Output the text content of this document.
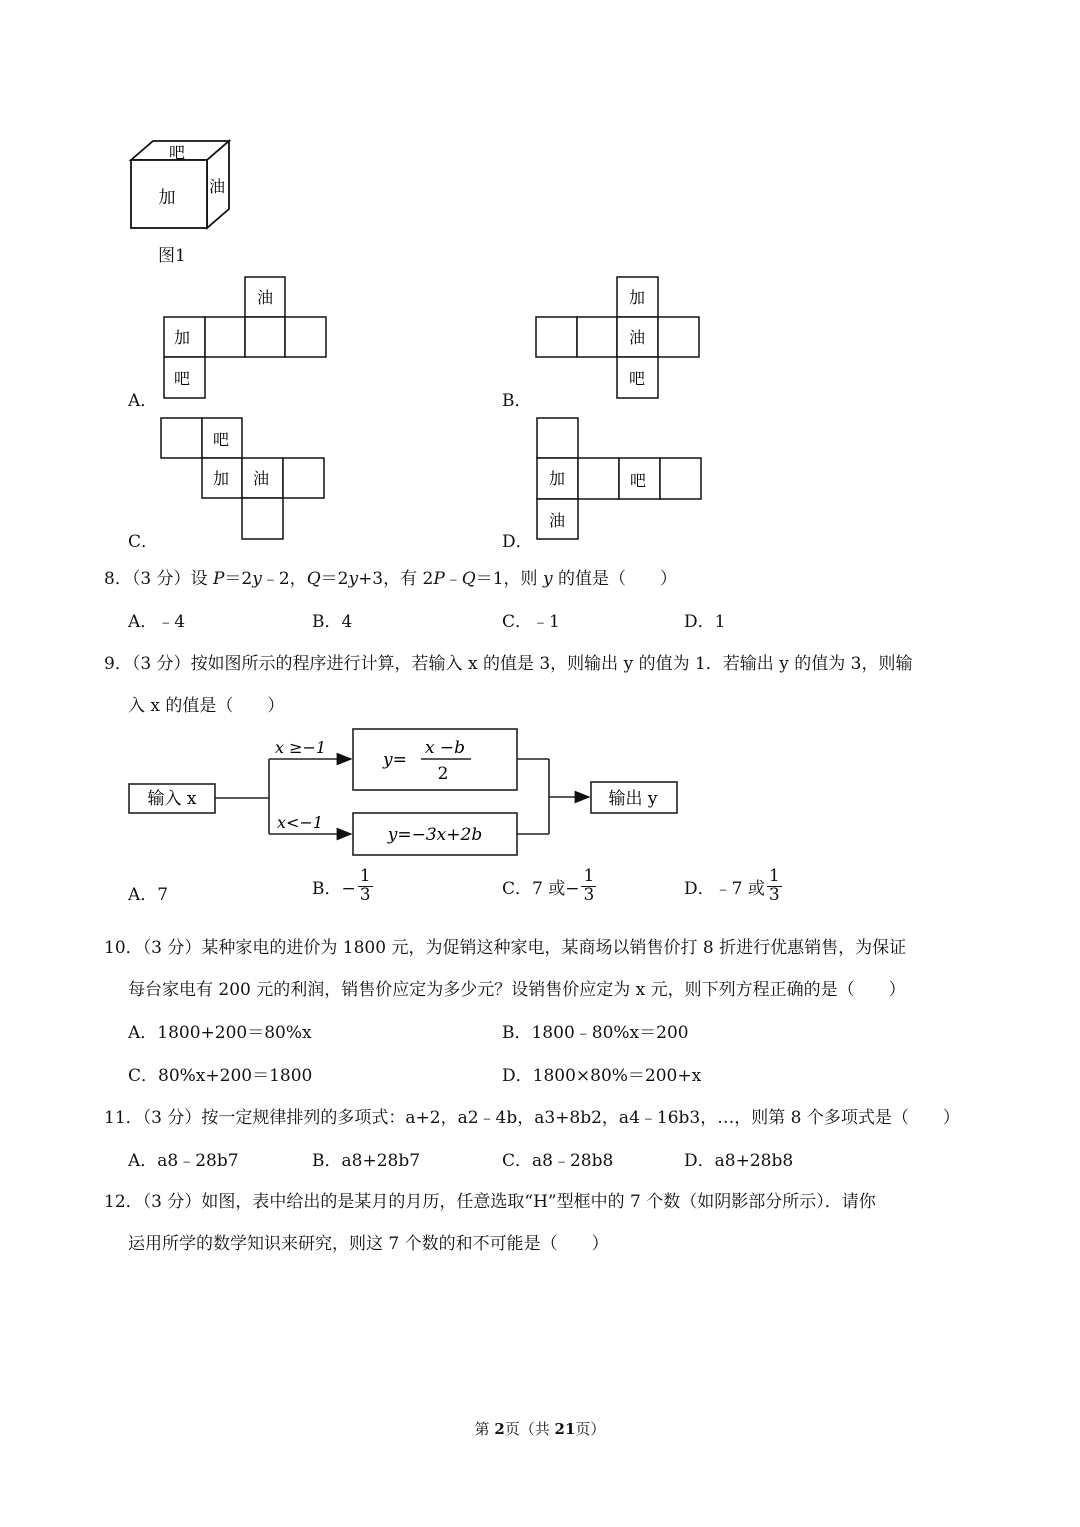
吧
加
油
图1
A．
油
加
吧
B．
加
油
吧
C．
吧
加 油
D．
加	吧
油
8．（3 分）设 P＝2y﹣2，Q＝2y+3，有 2P﹣Q＝1，则 y 的值是（　　）
A．﹣4	B．4	C．﹣1	D．1
9．（3 分）按如图所示的程序进行计算，若输入 x 的值是 3，则输出 y 的值为 1．若输出 y 的值为 3，则输
入 x 的值是（　　）
输入 x
x ≥−1
x<−1
y=
x −b
2
y=−3x+2b
输出 y
A．7	B．− $\frac{1}{3}$	C．7 或− $\frac{1}{3}$	D．﹣7 或 $\frac{1}{3}$
10．（3 分）某种家电的进价为 1800 元，为促销这种家电，某商场以销售价打 8 折进行优惠销售，为保证
每台家电有 200 元的利润，销售价应定为多少元？设销售价应定为 x 元，则下列方程正确的是（　　）
A．1800+200＝80%x	B．1800﹣80%x＝200
C．80%x+200＝1800	D．1800×80%＝200+x
11．（3 分）按一定规律排列的多项式：a+2，a2﹣4b，a3+8b2，a4﹣16b3，…，则第 8 个多项式是（　　）
A．a8﹣28b7	B．a8+28b7	C．a8﹣28b8	D．a8+28b8
12．（3 分）如图，表中给出的是某月的月历，任意选取“H”型框中的 7 个数（如阴影部分所示）．请你
运用所学的数学知识来研究，则这 7 个数的和不可能是（　　）
第 2页（共 21页）
